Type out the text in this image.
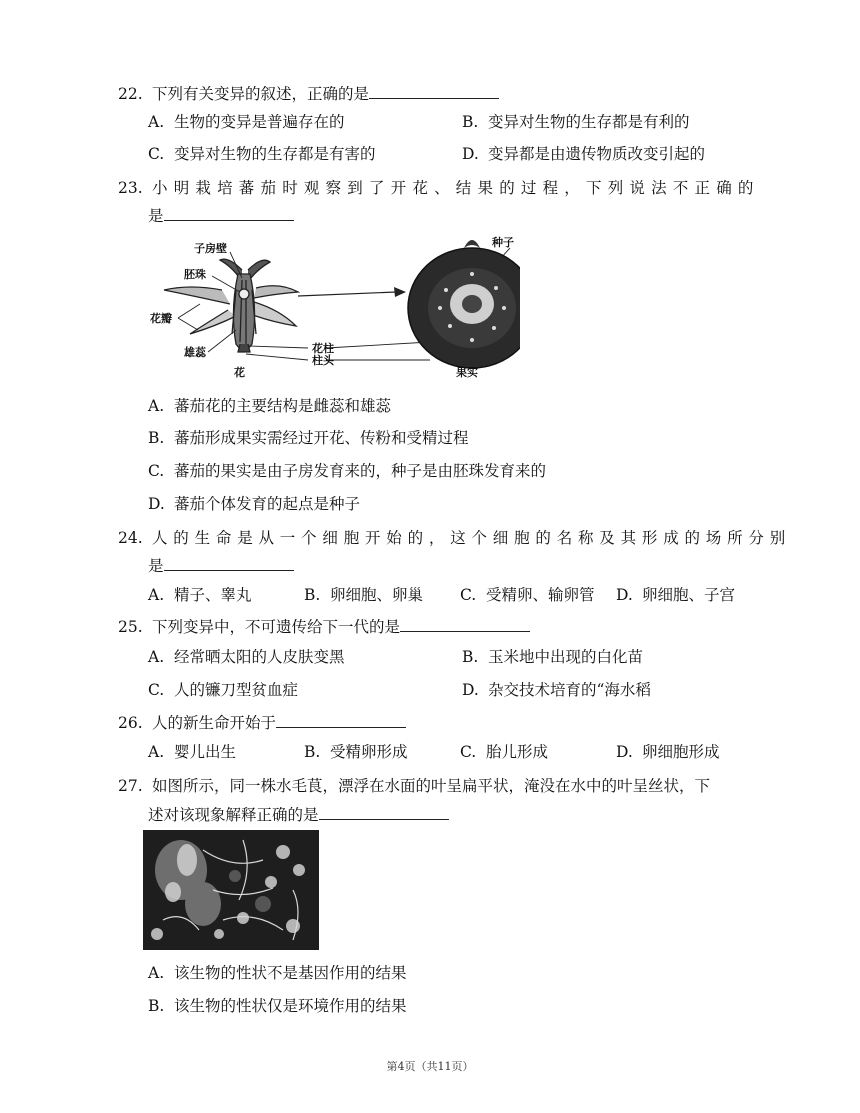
22. 下列有关变异的叙述，正确的是
A. 生物的变异是普遍存在的	B. 变异对生物的生存都是有利的
C. 变异对生物的生存都是有害的	D. 变异都是由遗传物质改变引起的
23. 小明栽培蕃茄时观察到了开花、结果的过程，下列说法不正确的
是
子房壁
胚珠
花瓣
雄蕊
花
花柱
柱头
种子
果实
A. 蕃茄花的主要结构是雌蕊和雄蕊
B. 蕃茄形成果实需经过开花、传粉和受精过程
C. 蕃茄的果实是由子房发育来的，种子是由胚珠发育来的
D. 蕃茄个体发育的起点是种子
24. 人的生命是从一个细胞开始的，这个细胞的名称及其形成的场所分别
是
A. 精子、睾丸	B. 卵细胞、卵巢 C. 受精卵、输卵管 D. 卵细胞、子宫
25. 下列变异中，不可遗传给下一代的是
A. 经常晒太阳的人皮肤变黑	B. 玉米地中出现的白化苗
C. 人的镰刀型贫血症	D. 杂交技术培育的“海水稻
26. 人的新生命开始于
A. 婴儿出生	B. 受精卵形成	C. 胎儿形成	D. 卵细胞形成
27. 如图所示，同一株水毛茛，漂浮在水面的叶呈扁平状，淹没在水中的叶呈丝状，下
述对该现象解释正确的是
A. 该生物的性状不是基因作用的结果
B. 该生物的性状仅是环境作用的结果
第4页（共11页）
